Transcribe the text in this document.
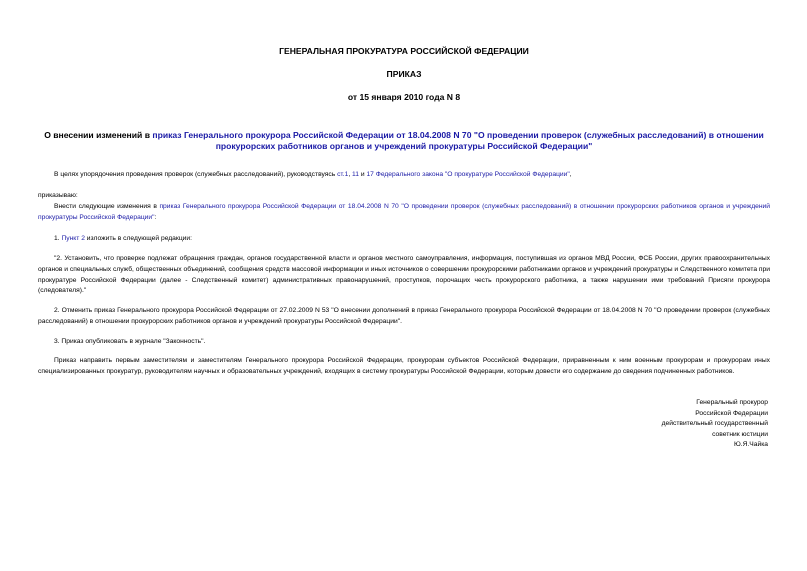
ГЕНЕРАЛЬНАЯ ПРОКУРАТУРА РОССИЙСКОЙ ФЕДЕРАЦИИ
ПРИКАЗ
от 15 января 2010 года N 8
О внесении изменений в приказ Генерального прокурора Российской Федерации от 18.04.2008 N 70 "О проведении проверок (служебных расследований) в отношении прокурорских работников органов и учреждений прокуратуры Российской Федерации"
В целях упорядочения проведения проверок (служебных расследований), руководствуясь ст.1, 11 и 17 Федерального закона "О прокуратуре Российской Федерации",
приказываю:
Внести следующие изменения в приказ Генерального прокурора Российской Федерации от 18.04.2008 N 70 "О проведении проверок (служебных расследований) в отношении прокурорских работников органов и учреждений прокуратуры Российской Федерации":
1. Пункт 2 изложить в следующей редакции:
"2. Установить, что проверке подлежат обращения граждан, органов государственной власти и органов местного самоуправления, информация, поступившая из органов МВД России, ФСБ России, других правоохранительных органов и специальных служб, общественных объединений, сообщения средств массовой информации и иных источников о совершении прокурорскими работниками органов и учреждений прокуратуры и Следственного комитета при прокуратуре Российской Федерации (далее - Следственный комитет) административных правонарушений, проступков, порочащих честь прокурорского работника, а также нарушении ими требований Присяги прокурора (следователя)."
2. Отменить приказ Генерального прокурора Российской Федерации от 27.02.2009 N 53 "О внесении дополнений в приказ Генерального прокурора Российской Федерации от 18.04.2008 N 70 "О проведении проверок (служебных расследований) в отношении прокурорских работников органов и учреждений прокуратуры Российской Федерации".
3. Приказ опубликовать в журнале "Законность".
Приказ направить первым заместителям и заместителям Генерального прокурора Российской Федерации, прокурорам субъектов Российской Федерации, приравненным к ним военным прокурорам и прокурорам иных специализированных прокуратур, руководителям научных и образовательных учреждений, входящих в систему прокуратуры Российской Федерации, которым довести его содержание до сведения подчиненных работников.
Генеральный прокурор
Российской Федерации
действительный государственный
советник юстиции
Ю.Я.Чайка
